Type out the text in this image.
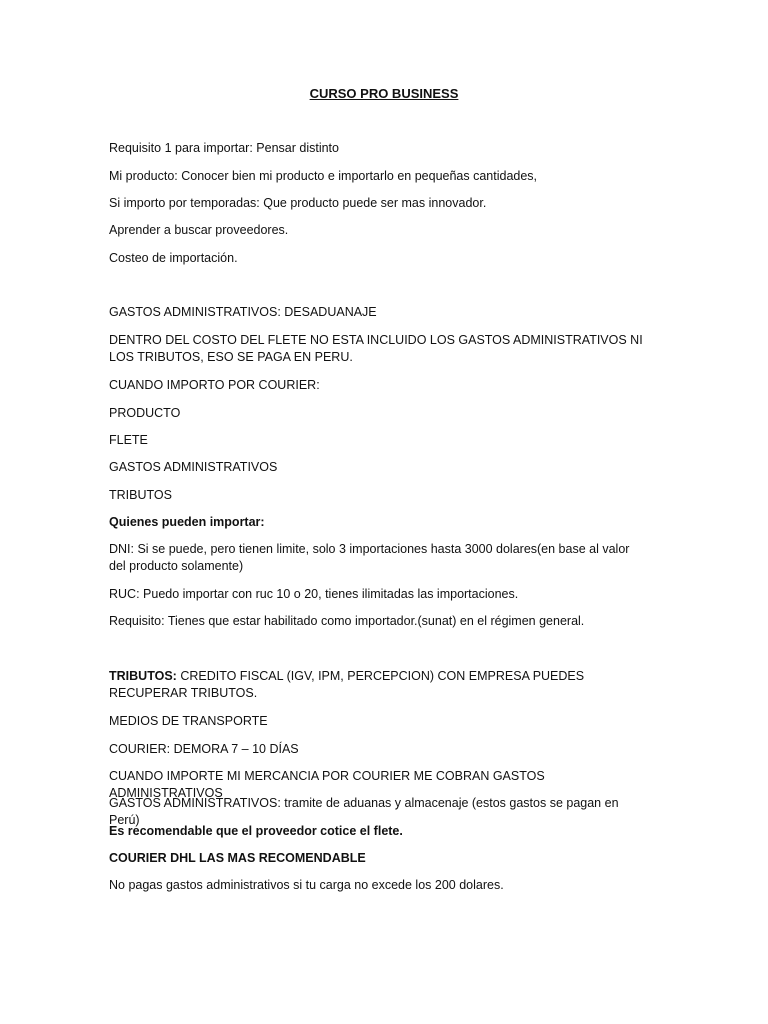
CURSO PRO BUSINESS
Requisito 1 para importar: Pensar distinto
Mi producto: Conocer bien mi producto e importarlo en pequeñas cantidades,
Si importo por temporadas: Que producto puede ser mas innovador.
Aprender a buscar proveedores.
Costeo de importación.
GASTOS ADMINISTRATIVOS: DESADUANAJE
DENTRO DEL COSTO DEL FLETE NO ESTA INCLUIDO LOS GASTOS ADMINISTRATIVOS NI LOS TRIBUTOS, ESO SE PAGA EN PERU.
CUANDO IMPORTO POR COURIER:
PRODUCTO
FLETE
GASTOS ADMINISTRATIVOS
TRIBUTOS
Quienes pueden importar:
DNI: Si se puede, pero tienen limite, solo 3 importaciones hasta 3000 dolares(en base al valor del producto solamente)
RUC: Puedo importar con ruc 10 o 20, tienes ilimitadas las importaciones.
Requisito: Tienes que estar habilitado como importador.(sunat) en el régimen general.
TRIBUTOS: CREDITO FISCAL (IGV, IPM, PERCEPCION) CON EMPRESA PUEDES RECUPERAR TRIBUTOS.
MEDIOS DE TRANSPORTE
COURIER: DEMORA 7 – 10 DÍAS
CUANDO IMPORTE MI MERCANCIA POR COURIER ME COBRAN GASTOS ADMINISTRATIVOS
GASTOS ADMINISTRATIVOS: tramite de aduanas y almacenaje (estos gastos se pagan en Perú)
Es recomendable que el proveedor cotice el flete.
COURIER DHL LAS MAS RECOMENDABLE
No pagas gastos administrativos si tu carga no excede los 200 dolares.
